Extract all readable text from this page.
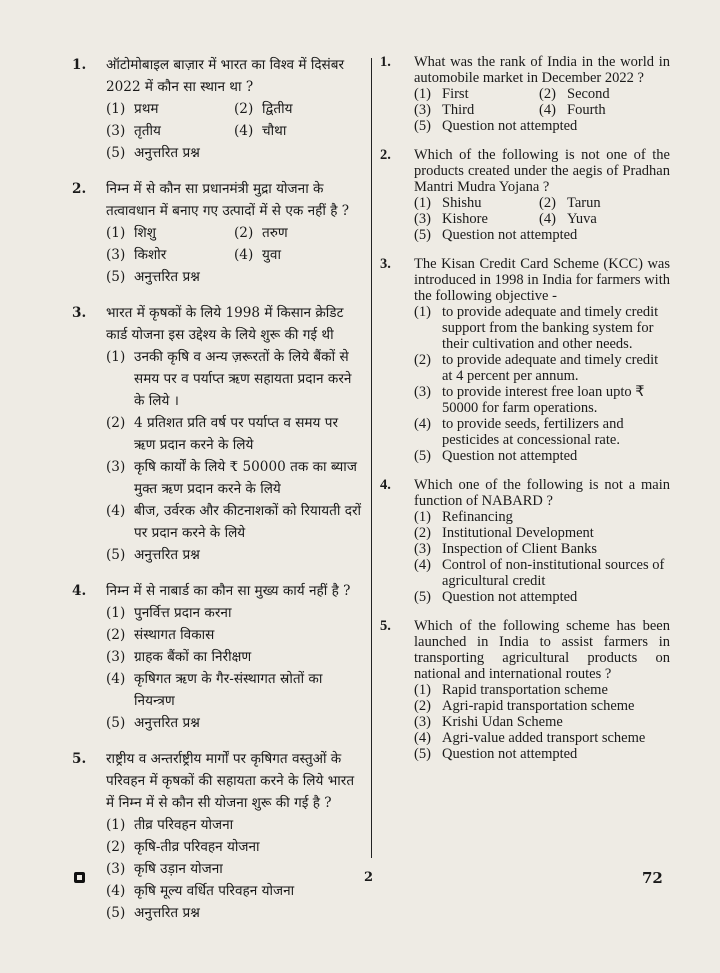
1. ऑटोमोबाइल बाज़ार में भारत का विश्व में दिसंबर 2022 में कौन सा स्थान था ?
(1) प्रथम	(2) द्वितीय
(3) तृतीय	(4) चौथा
(5) अनुत्तरित प्रश्न
2. निम्न में से कौन सा प्रधानमंत्री मुद्रा योजना के तत्वावधान में बनाए गए उत्पादों में से एक नहीं है ?
(1) शिशु	(2) तरुण
(3) किशोर	(4) युवा
(5) अनुत्तरित प्रश्न
3. भारत में कृषकों के लिये 1998 में किसान क्रेडिट कार्ड योजना इस उद्देश्य के लिये शुरू की गई थी
(1) उनकी कृषि व अन्य ज़रूरतों के लिये बैंकों से समय पर व पर्याप्त ऋण सहायता प्रदान करने के लिये ।
(2) 4 प्रतिशत प्रति वर्ष पर पर्याप्त व समय पर ऋण प्रदान करने के लिये
(3) कृषि कार्यों के लिये ₹ 50000 तक का ब्याज मुक्त ऋण प्रदान करने के लिये
(4) बीज, उर्वरक और कीटनाशकों को रियायती दरों पर प्रदान करने के लिये
(5) अनुत्तरित प्रश्न
4. निम्न में से नाबार्ड का कौन सा मुख्य कार्य नहीं है ?
(1) पुनर्वित्त प्रदान करना
(2) संस्थागत विकास
(3) ग्राहक बैंकों का निरीक्षण
(4) कृषिगत ऋण के गैर-संस्थागत स्रोतों का नियन्त्रण
(5) अनुत्तरित प्रश्न
5. राष्ट्रीय व अन्तर्राष्ट्रीय मार्गों पर कृषिगत वस्तुओं के परिवहन में कृषकों की सहायता करने के लिये भारत में निम्न में से कौन सी योजना शुरू की गई है ?
(1) तीव्र परिवहन योजना
(2) कृषि-तीव्र परिवहन योजना
(3) कृषि उड़ान योजना
(4) कृषि मूल्य वर्धित परिवहन योजना
(5) अनुत्तरित प्रश्न
1. What was the rank of India in the world in automobile market in December 2022 ?
(1) First	(2) Second
(3) Third	(4) Fourth
(5) Question not attempted
2. Which of the following is not one of the products created under the aegis of Pradhan Mantri Mudra Yojana ?
(1) Shishu	(2) Tarun
(3) Kishore	(4) Yuva
(5) Question not attempted
3. The Kisan Credit Card Scheme (KCC) was introduced in 1998 in India for farmers with the following objective -
(1) to provide adequate and timely credit support from the banking system for their cultivation and other needs.
(2) to provide adequate and timely credit at 4 percent per annum.
(3) to provide interest free loan upto ₹ 50000 for farm operations.
(4) to provide seeds, fertilizers and pesticides at concessional rate.
(5) Question not attempted
4. Which one of the following is not a main function of NABARD ?
(1) Refinancing
(2) Institutional Development
(3) Inspection of Client Banks
(4) Control of non-institutional sources of agricultural credit
(5) Question not attempted
5. Which of the following scheme has been launched in India to assist farmers in transporting agricultural products on national and international routes ?
(1) Rapid transportation scheme
(2) Agri-rapid transportation scheme
(3) Krishi Udan Scheme
(4) Agri-value added transport scheme
(5) Question not attempted
2	72
